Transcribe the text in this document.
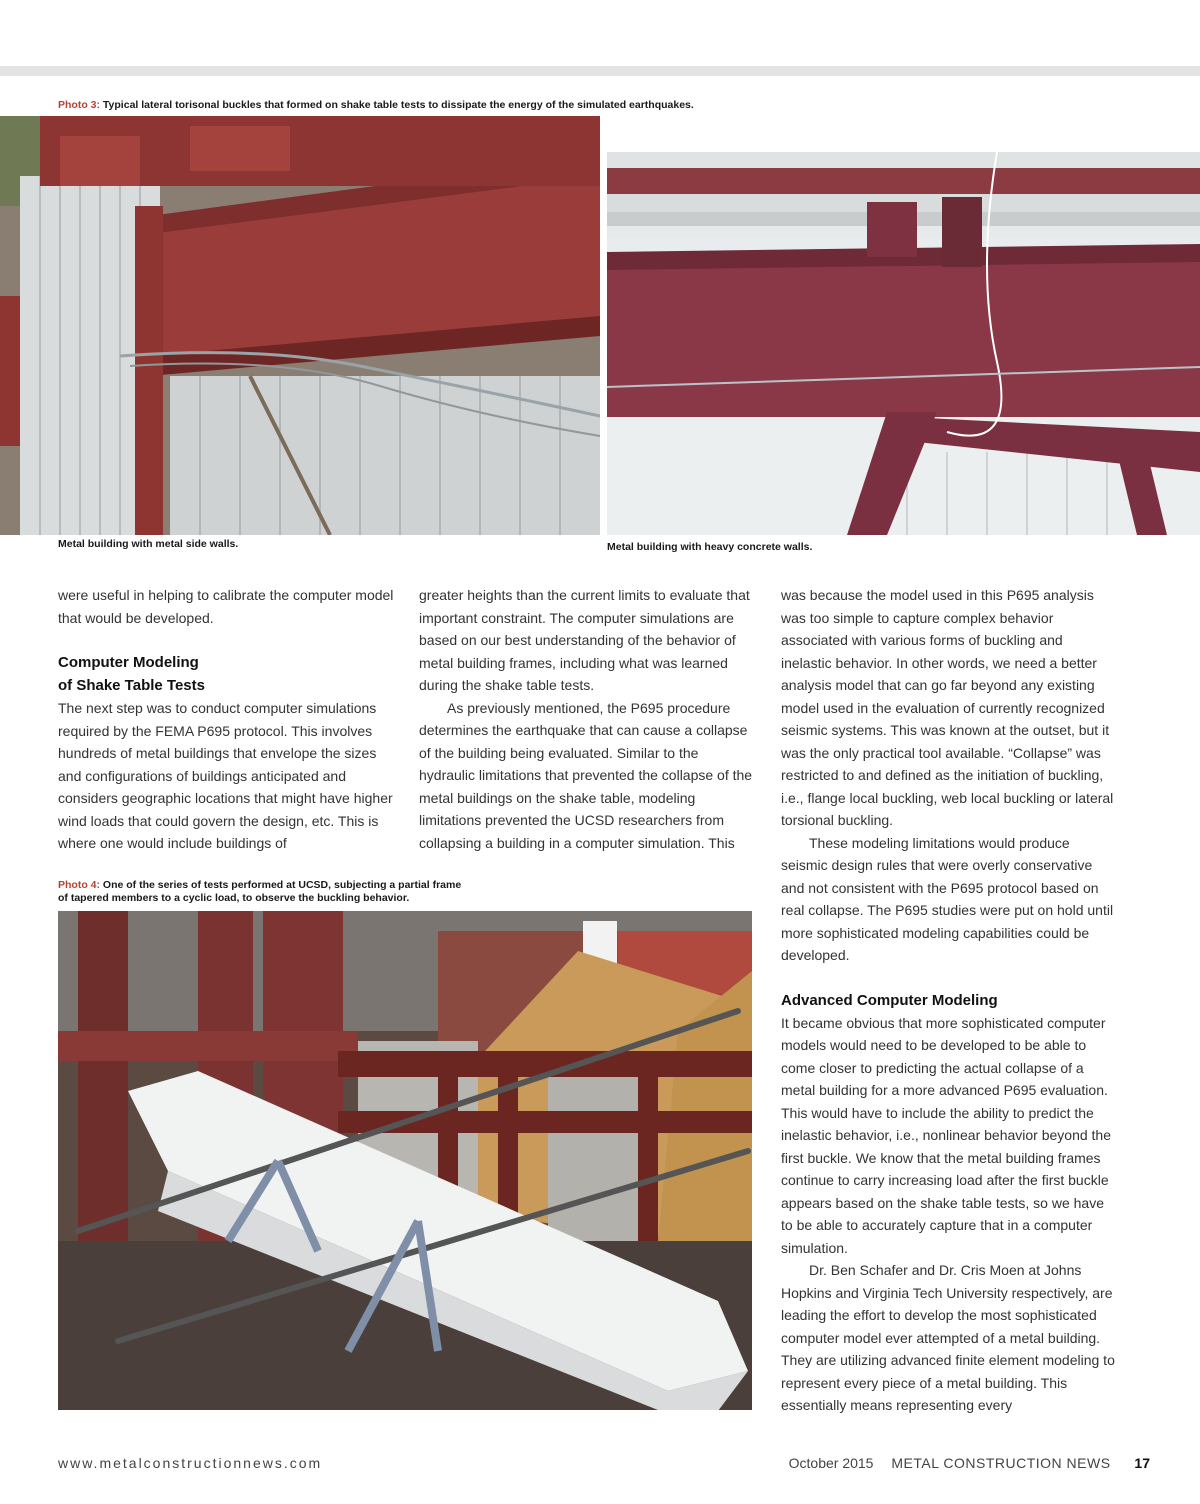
Photo 3: Typical lateral torisonal buckles that formed on shake table tests to dissipate the energy of the simulated earthquakes.
Metal building with metal side walls.	Metal building with heavy concrete walls.

were useful in helping to calibrate the computer model that would be developed.

Computer Modeling
of Shake Table Tests

The next step was to conduct computer simulations required by the FEMA P695 protocol. This involves hundreds of metal buildings that envelope the sizes and configurations of buildings anticipated and considers geographic locations that might have higher wind loads that could govern the design, etc. This is where one would include buildings of

greater heights than the current limits to evaluate that important constraint. The computer simulations are based on our best understanding of the behavior of metal building frames, including what was learned during the shake table tests.

As previously mentioned, the P695 procedure determines the earthquake that can cause a collapse of the building being evaluated. Similar to the hydraulic limitations that prevented the collapse of the metal buildings on the shake table, modeling limitations prevented the UCSD researchers from collapsing a building in a computer simulation. This

was because the model used in this P695 analysis was too simple to capture complex behavior associated with various forms of buckling and inelastic behavior. In other words, we need a better analysis model that can go far beyond any existing model used in the evaluation of currently recognized seismic systems. This was known at the outset, but it was the only practical tool available. “Collapse” was restricted to and defined as the initiation of buckling, i.e., flange local buckling, web local buckling or lateral torsional buckling.

These modeling limitations would produce seismic design rules that were overly conservative and not consistent with the P695 protocol based on real collapse. The P695 studies were put on hold until more sophisticated modeling capabilities could be developed.

Advanced Computer Modeling

It became obvious that more sophisticated computer models would need to be developed to be able to come closer to predicting the actual collapse of a metal building for a more advanced P695 evaluation. This would have to include the ability to predict the inelastic behavior, i.e., nonlinear behavior beyond the first buckle. We know that the metal building frames continue to carry increasing load after the first buckle appears based on the shake table tests, so we have to be able to accurately capture that in a computer simulation.

Dr. Ben Schafer and Dr. Cris Moen at Johns Hopkins and Virginia Tech University respectively, are leading the effort to develop the most sophisticated computer model ever attempted of a metal building. They are utilizing advanced finite element modeling to represent every piece of a metal building. This essentially means representing every

Photo 4: One of the series of tests performed at UCSD, subjecting a partial frame
of tapered members to a cyclic load, to observe the buckling behavior.
www.metalconstructionnews.com	October 2015 METAL CONSTRUCTION NEWS 17
